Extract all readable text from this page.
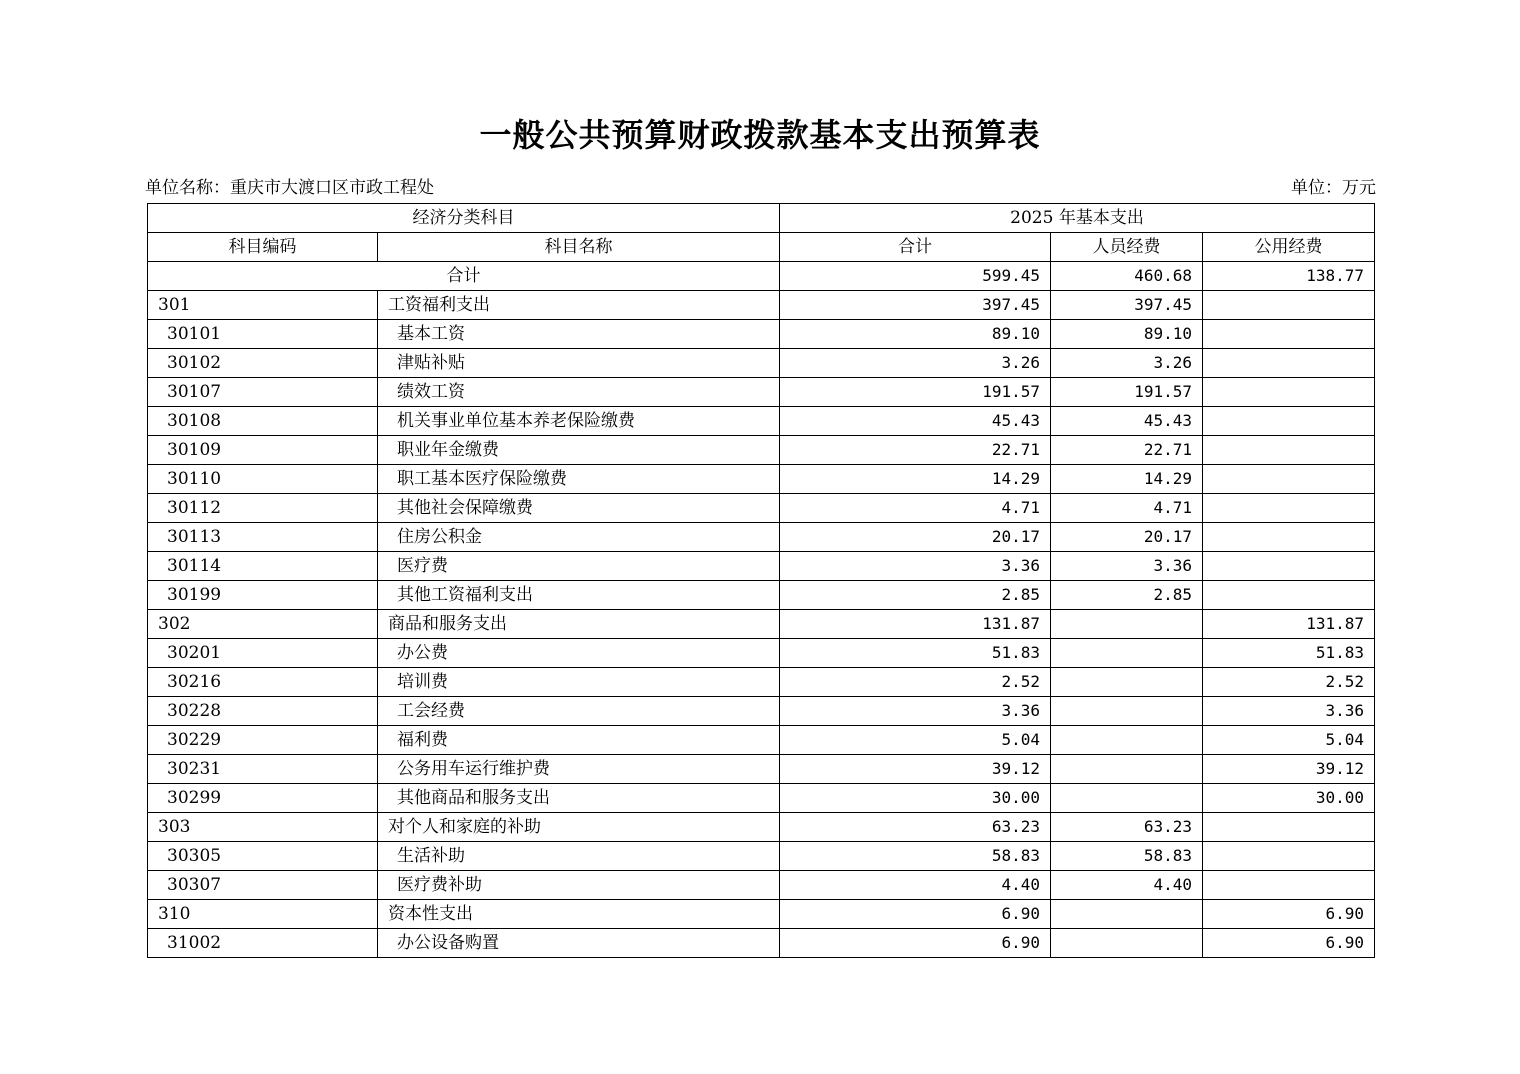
一般公共预算财政拨款基本支出预算表
单位名称：重庆市大渡口区市政工程处	单位：万元
经济分类科目		2025 年基本支出		
科目编码	科目名称	合计	人员经费	公用经费
合计		599.45	460.68	138.77
301	工资福利支出	397.45	397.45	
30101	基本工资	89.10	89.10	
30102	津贴补贴	3.26	3.26	
30107	绩效工资	191.57	191.57	
30108	机关事业单位基本养老保险缴费	45.43	45.43	
30109	职业年金缴费	22.71	22.71	
30110	职工基本医疗保险缴费	14.29	14.29	
30112	其他社会保障缴费	4.71	4.71	
30113	住房公积金	20.17	20.17	
30114	医疗费	3.36	3.36	
30199	其他工资福利支出	2.85	2.85	
302	商品和服务支出	131.87		131.87
30201	办公费	51.83		51.83
30216	培训费	2.52		2.52
30228	工会经费	3.36		3.36
30229	福利费	5.04		5.04
30231	公务用车运行维护费	39.12		39.12
30299	其他商品和服务支出	30.00		30.00
303	对个人和家庭的补助	63.23	63.23	
30305	生活补助	58.83	58.83	
30307	医疗费补助	4.40	4.40	
310	资本性支出	6.90		6.90
31002	办公设备购置	6.90		6.90
